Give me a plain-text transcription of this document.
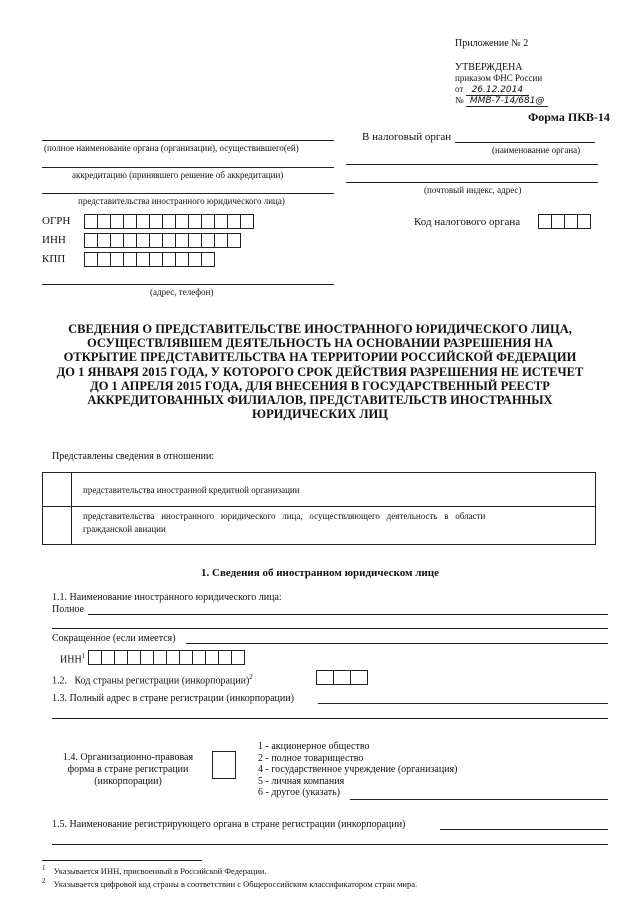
Приложение № 2
УТВЕРЖДЕНА
приказом ФНС России
от 26.12.2014
№ ММВ-7-14/681@
Форма ПКВ-14
(полное наименование органа (организации), осуществившего(ей)
аккредитацию (принявшего решение об аккредитации)
представительства иностранного юридического лица)
ОГРН
ИНН
КПП
(адрес, телефон)
В налоговый орган
(наименование органа)
(почтовый индекс, адрес)
Код налогового органа
СВЕДЕНИЯ О ПРЕДСТАВИТЕЛЬСТВЕ ИНОСТРАННОГО ЮРИДИЧЕСКОГО ЛИЦА,
ОСУЩЕСТВЛЯВШЕМ ДЕЯТЕЛЬНОСТЬ НА ОСНОВАНИИ РАЗРЕШЕНИЯ НА
ОТКРЫТИЕ ПРЕДСТАВИТЕЛЬСТВА НА ТЕРРИТОРИИ РОССИЙСКОЙ ФЕДЕРАЦИИ
ДО 1 ЯНВАРЯ 2015 ГОДА, У КОТОРОГО СРОК ДЕЙСТВИЯ РАЗРЕШЕНИЯ НЕ ИСТЕЧЕТ
ДО 1 АПРЕЛЯ 2015 ГОДА, ДЛЯ ВНЕСЕНИЯ В ГОСУДАРСТВЕННЫЙ РЕЕСТР
АККРЕДИТОВАННЫХ ФИЛИАЛОВ, ПРЕДСТАВИТЕЛЬСТВ ИНОСТРАННЫХ
ЮРИДИЧЕСКИХ ЛИЦ
Представлены сведения в отношении:
представительства иностранной кредитной организации
представительства   иностранного   юридического   лица,   осуществляющего   деятельность   в   области
гражданской авиации
1. Сведения об иностранном юридическом лице
1.1. Наименование иностранного юридического лица:
Полное
Сокращенное (если имеется)
ИНН$^1$
1.2.   Код страны регистрации (инкорпорации)$^2$
1.3. Полный адрес в стране регистрации (инкорпорации)
1.4. Организационно-правовая
форма в стране регистрации
(инкорпорации)
1 - акционерное общество
2 - полное товарищество
4 - государственное учреждение (организация)
5 - личная компания
6 - другое (указать)
1.5. Наименование регистрирующего органа в стране регистрации (инкорпорации)
$^1$ Указывается ИНН, присвоенный в Российской Федерации.
$^2$ Указывается цифровой код страны в соответствии с Общероссийским классификатором стран мира.
